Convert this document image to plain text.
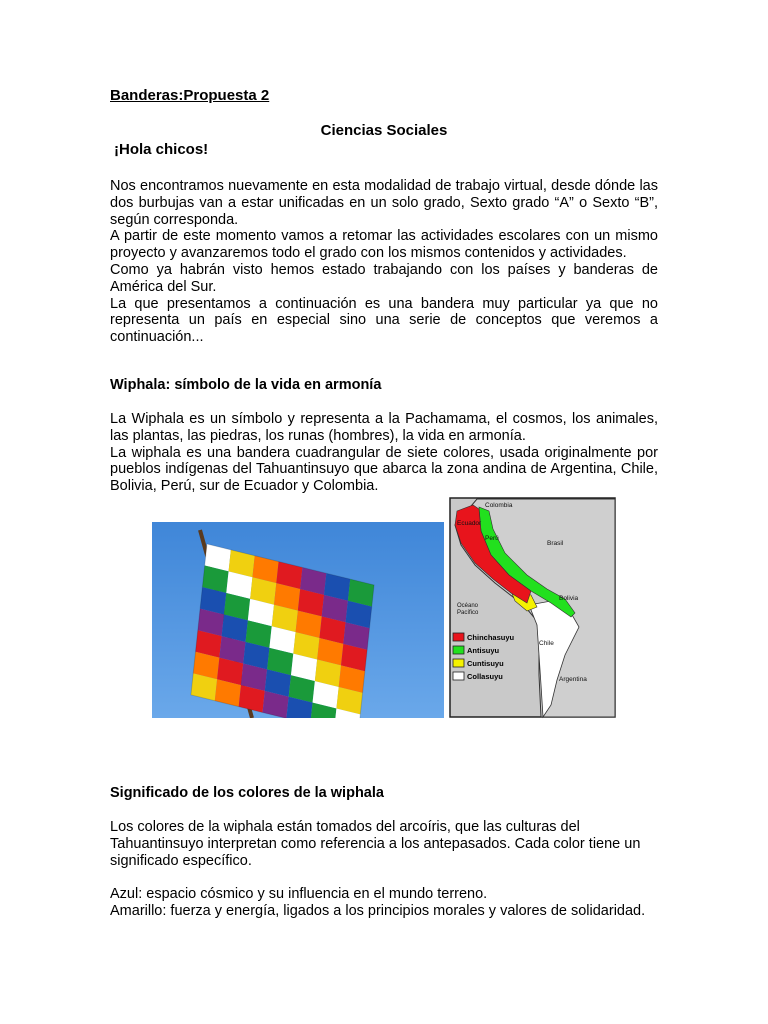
Banderas:Propuesta 2
Ciencias Sociales
¡Hola chicos!

Nos encontramos nuevamente en esta modalidad de trabajo virtual, desde dónde las dos burbujas van a estar unificadas en un solo grado, Sexto grado “A” o Sexto “B”, según corresponda.

A partir de este momento vamos a retomar las actividades escolares con un mismo proyecto y avanzaremos todo el grado con los mismos contenidos y actividades.

Como ya habrán visto hemos estado trabajando con los países y banderas de América del Sur.

La que presentamos a continuación es una bandera muy particular ya que no representa un país en especial sino una serie de conceptos que veremos a continuación...

Wiphala: símbolo de la vida en armonía

La Wiphala es un símbolo y representa a la Pachamama, el cosmos, los animales, las plantas, las piedras, los runas (hombres), la vida en armonía.

La wiphala es una bandera cuadrangular de siete colores, usada originalmente por pueblos indígenas del Tahuantinsuyo que abarca la zona andina de Argentina, Chile, Bolivia, Perú, sur de Ecuador y Colombia.

Colombia
Ecuador
Perú
Brasil
Bolivia
Océano
Pacífico
Chile
Argentina
Chinchasuyu
Antisuyu
Cuntisuyu
Collasuyu
Significado de los colores de la wiphala
Los colores de la wiphala están tomados del arcoíris, que las culturas del Tahuantinsuyo interpretan como referencia a los antepasados. Cada color tiene un significado específico.
Azul: espacio cósmico y su influencia en el mundo terreno.
Amarillo: fuerza y energía, ligados a los principios morales y valores de solidaridad.
